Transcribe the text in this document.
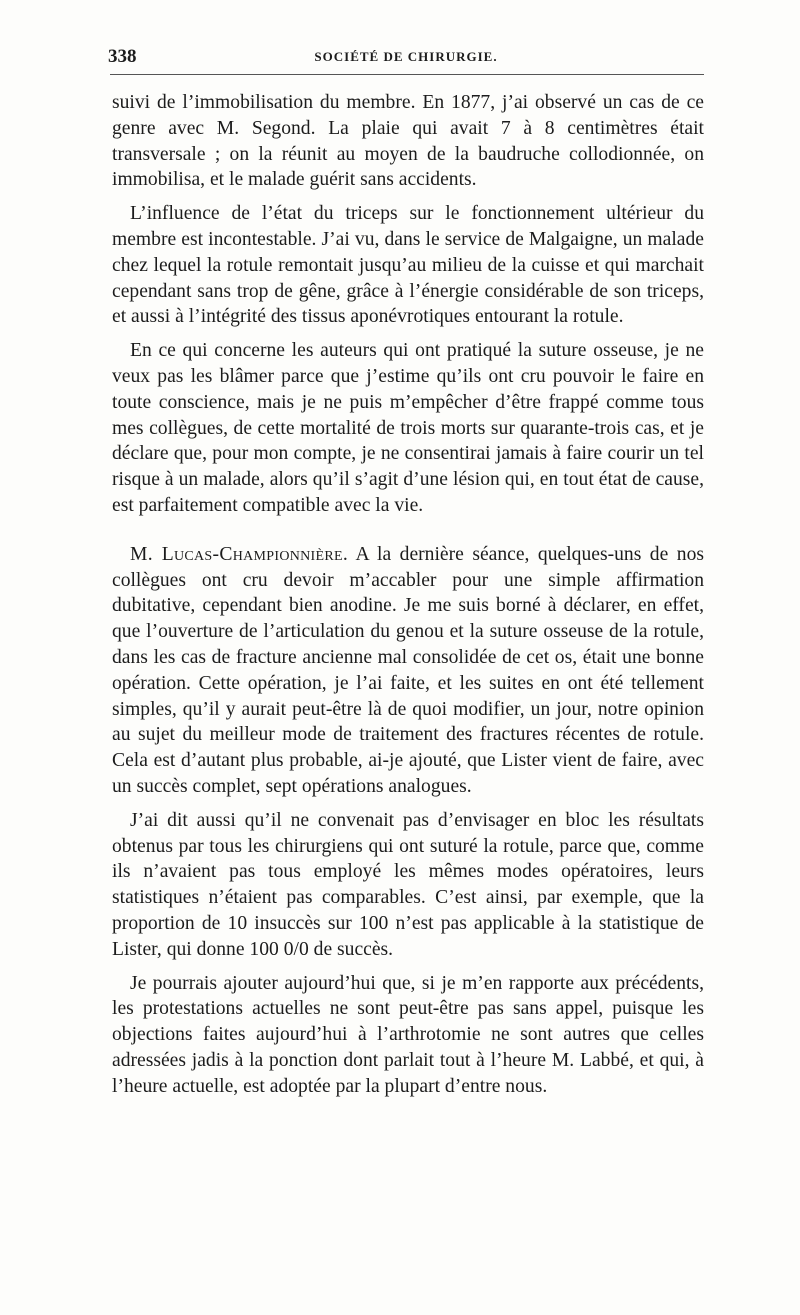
338	SOCIÉTÉ DE CHIRURGIE.

suivi de l’immobilisation du membre. En 1877, j’ai observé un cas de ce genre avec M. Segond. La plaie qui avait 7 à 8 centimètres était transversale ; on la réunit au moyen de la baudruche collodionnée, on immobilisa, et le malade guérit sans accidents.

L’influence de l’état du triceps sur le fonctionnement ultérieur du membre est incontestable. J’ai vu, dans le service de Malgaigne, un malade chez lequel la rotule remontait jusqu’au milieu de la cuisse et qui marchait cependant sans trop de gêne, grâce à l’énergie considérable de son triceps, et aussi à l’intégrité des tissus aponévrotiques entourant la rotule.

En ce qui concerne les auteurs qui ont pratiqué la suture osseuse, je ne veux pas les blâmer parce que j’estime qu’ils ont cru pouvoir le faire en toute conscience, mais je ne puis m’empêcher d’être frappé comme tous mes collègues, de cette mortalité de trois morts sur quarante-trois cas, et je déclare que, pour mon compte, je ne consentirai jamais à faire courir un tel risque à un malade, alors qu’il s’agit d’une lésion qui, en tout état de cause, est parfaitement compatible avec la vie.

M. Lucas-Championnière. A la dernière séance, quelques-uns de nos collègues ont cru devoir m’accabler pour une simple affirmation dubitative, cependant bien anodine. Je me suis borné à déclarer, en effet, que l’ouverture de l’articulation du genou et la suture osseuse de la rotule, dans les cas de fracture ancienne mal consolidée de cet os, était une bonne opération. Cette opération, je l’ai faite, et les suites en ont été tellement simples, qu’il y aurait peut-être là de quoi modifier, un jour, notre opinion au sujet du meilleur mode de traitement des fractures récentes de rotule. Cela est d’autant plus probable, ai-je ajouté, que Lister vient de faire, avec un succès complet, sept opérations analogues.

J’ai dit aussi qu’il ne convenait pas d’envisager en bloc les résultats obtenus par tous les chirurgiens qui ont suturé la rotule, parce que, comme ils n’avaient pas tous employé les mêmes modes opératoires, leurs statistiques n’étaient pas comparables. C’est ainsi, par exemple, que la proportion de 10 insuccès sur 100 n’est pas applicable à la statistique de Lister, qui donne 100 0/0 de succès.

Je pourrais ajouter aujourd’hui que, si je m’en rapporte aux précédents, les protestations actuelles ne sont peut-être pas sans appel, puisque les objections faites aujourd’hui à l’arthrotomie ne sont autres que celles adressées jadis à la ponction dont parlait tout à l’heure M. Labbé, et qui, à l’heure actuelle, est adoptée par la plupart d’entre nous.
